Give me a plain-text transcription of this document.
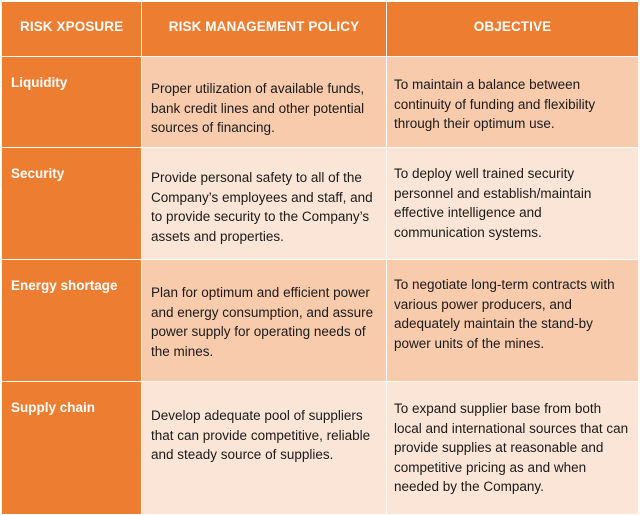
RISK XPOSURE	RISK MANAGEMENT POLICY	OBJECTIVE
Liquidity	Proper utilization of available funds, bank credit lines and other potential sources of financing.	To maintain a balance between continuity of funding and flexibility through their optimum use.
Security	Provide personal safety to all of the Company’s employees and staff, and to provide security to the Company’s assets and properties.	To deploy well trained security personnel and establish/maintain effective intelligence and communication systems.
Energy shortage	Plan for optimum and efficient power and energy consumption, and assure power supply for operating needs of the mines.	To negotiate long-term contracts with various power producers, and adequately maintain the stand-by power units of the mines.
Supply chain	Develop adequate pool of suppliers that can provide competitive, reliable and steady source of supplies.	To expand supplier base from both local and international sources that can provide supplies at reasonable and competitive pricing as and when needed by the Company.
